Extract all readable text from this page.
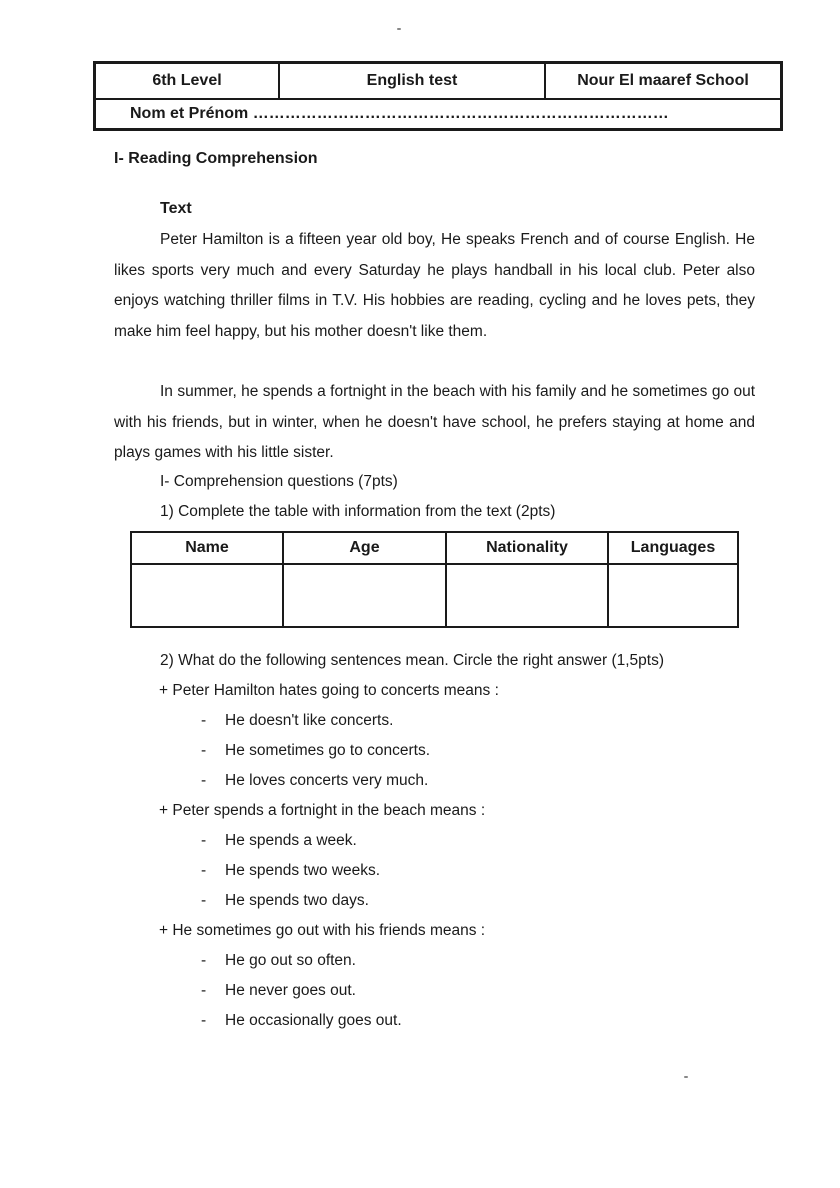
6th Level	English test	Nour El maaref School
Nom et Prénom ……………………………………………………………………
I- Reading Comprehension
Text
Peter Hamilton is a fifteen year old boy, He speaks French and of course English. He likes sports very much and every Saturday he plays handball in his local club. Peter also enjoys watching thriller films in T.V. His hobbies are reading, cycling and he loves pets, they make him feel happy, but his mother doesn't like them.
In summer, he spends a fortnight in the beach with his family and he sometimes go out with his friends, but in winter, when he doesn't have school, he prefers staying at home and plays games with his little sister.
I- Comprehension questions (7pts)
1) Complete the table with information from the text (2pts)
Name	Age	Nationality	Languages
2) What do the following sentences mean. Circle the right answer (1,5pts)
+ Peter Hamilton hates going to concerts means :
- He doesn't like concerts.
- He sometimes go to concerts.
- He loves concerts very much.
+ Peter spends a fortnight in the beach means :
- He spends a week.
- He spends two weeks.
- He spends two days.
+ He sometimes go out with his friends means :
- He go out so often.
- He never goes out.
- He occasionally goes out.
